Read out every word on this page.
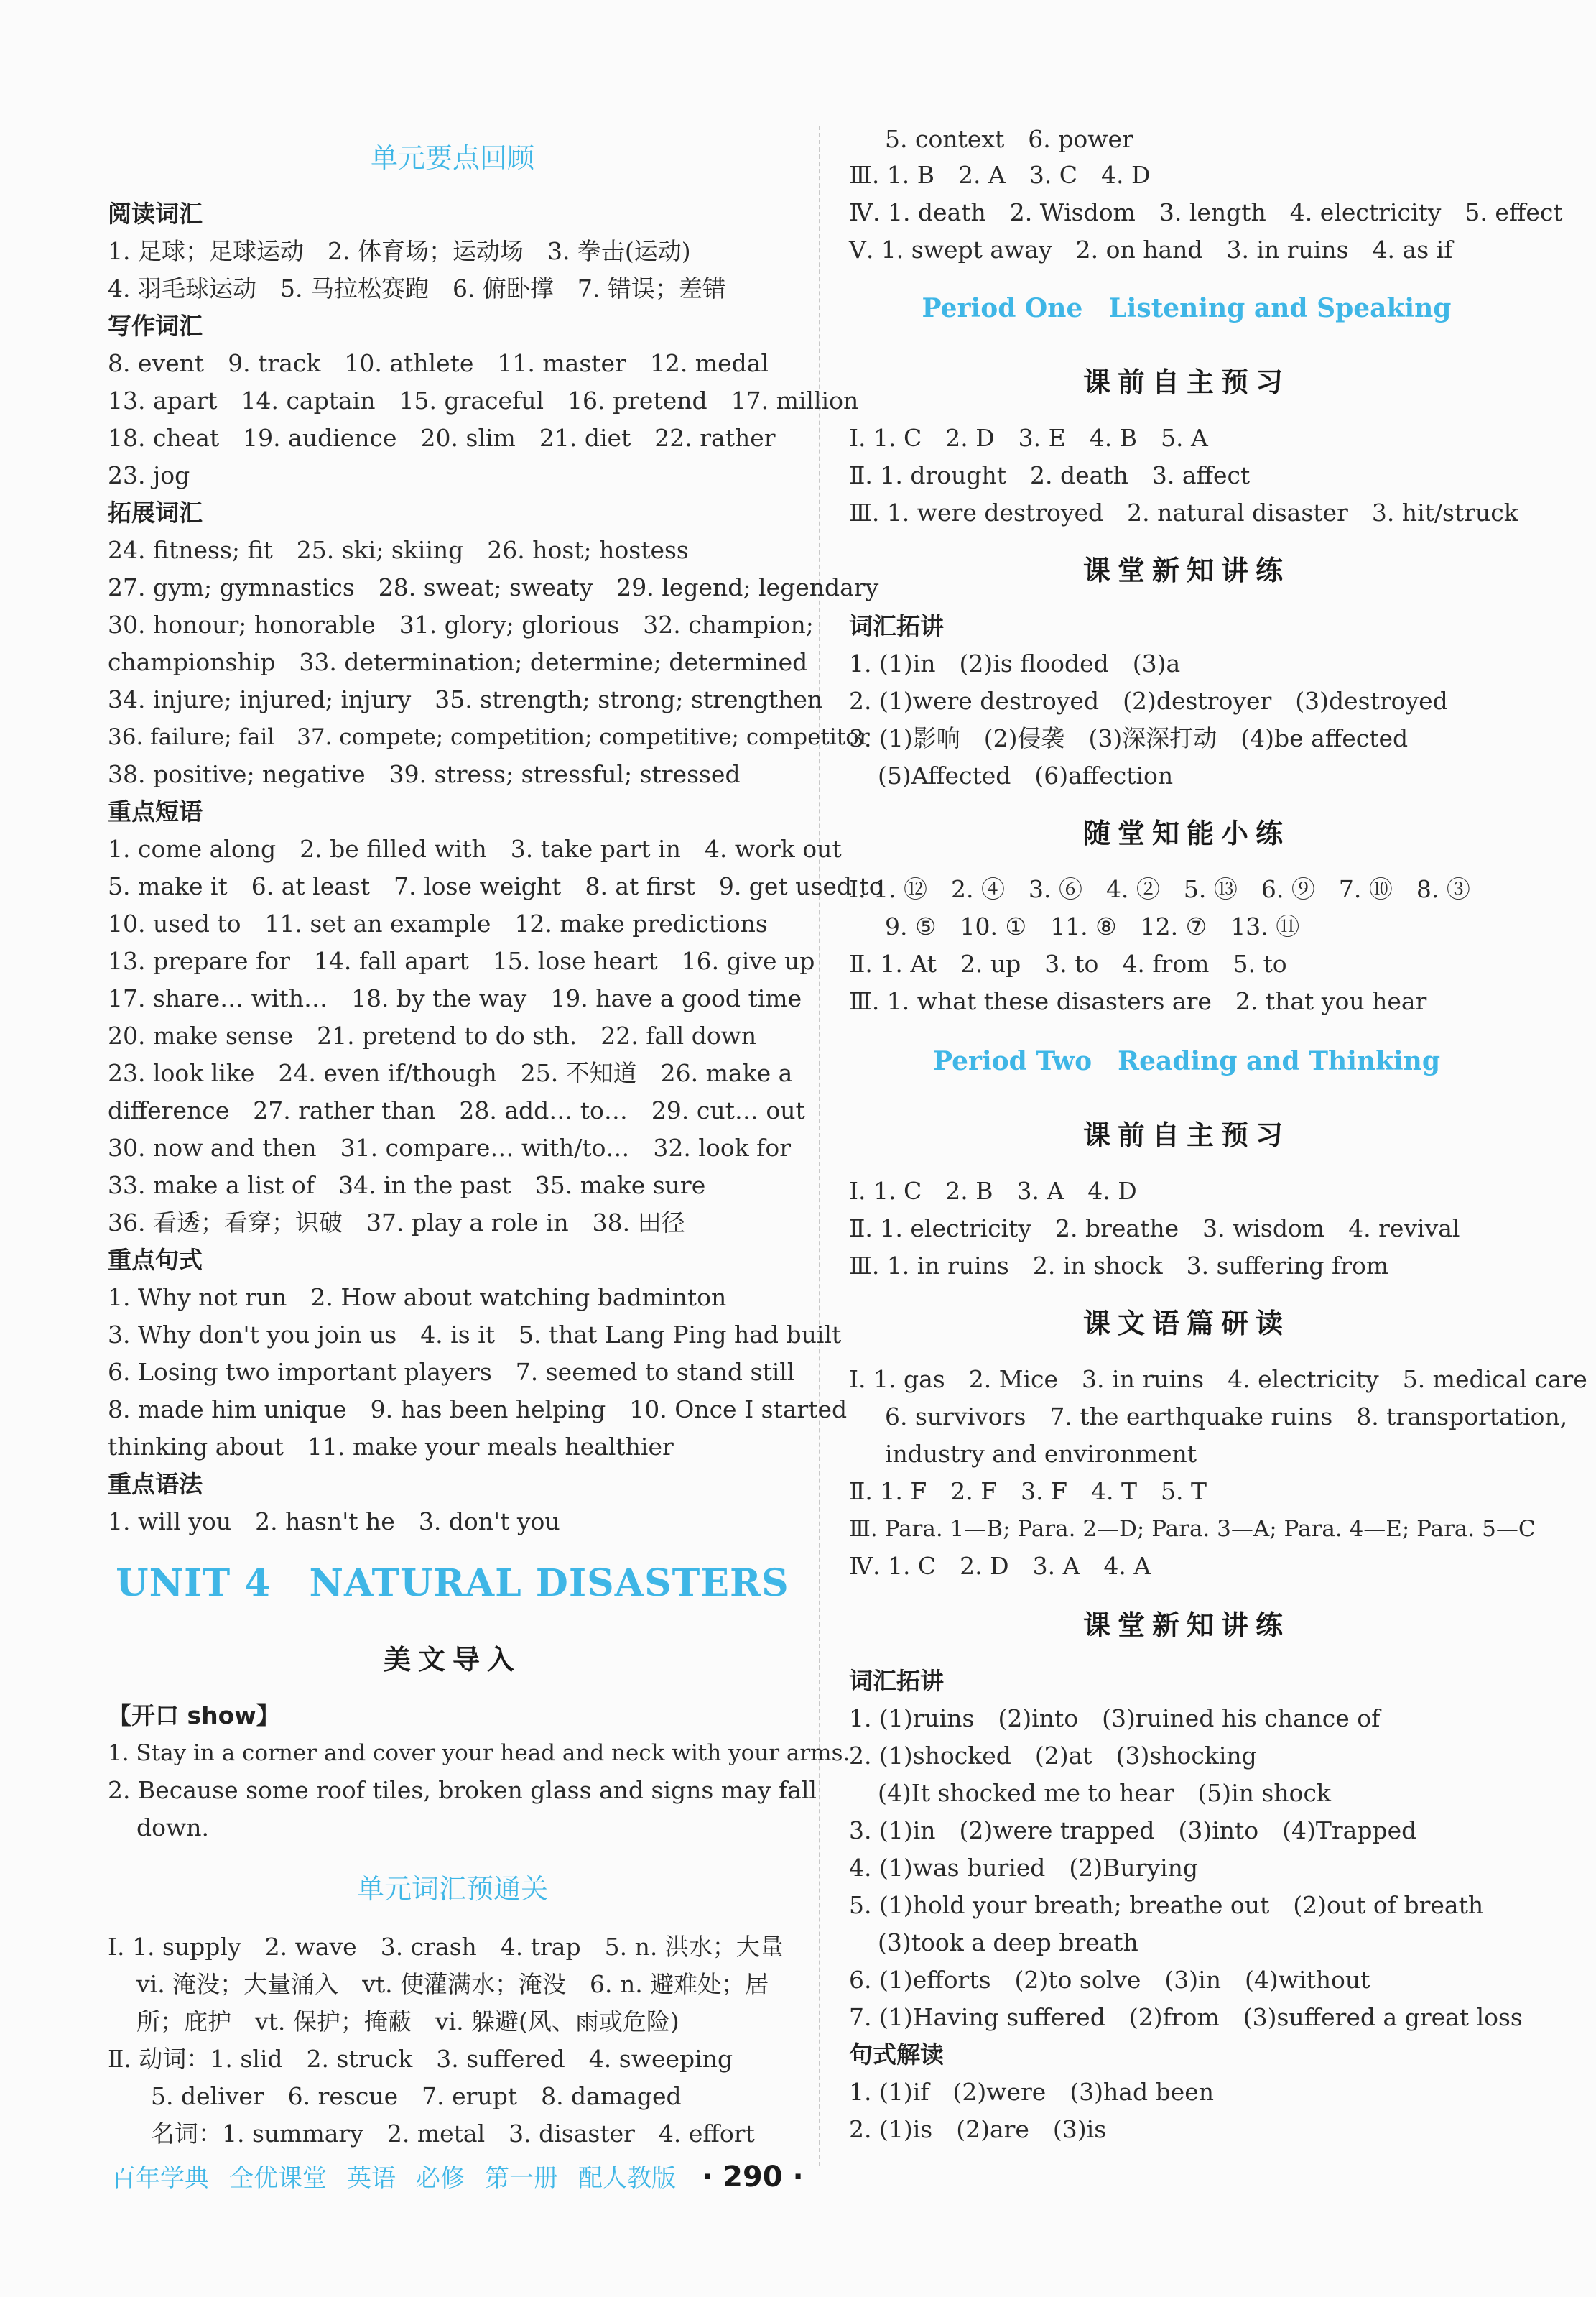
单元要点回顾
阅读词汇
1. 足球；足球运动　2. 体育场；运动场　3. 拳击(运动)
4. 羽毛球运动　5. 马拉松赛跑　6. 俯卧撑　7. 错误；差错
写作词汇
8. event　9. track　10. athlete　11. master　12. medal
13. apart　14. captain　15. graceful　16. pretend　17. million
18. cheat　19. audience　20. slim　21. diet　22. rather
23. jog
拓展词汇
24. fitness; fit　25. ski; skiing　26. host; hostess
27. gym; gymnastics　28. sweat; sweaty　29. legend; legendary
30. honour; honorable　31. glory; glorious　32. champion;
championship　33. determination; determine; determined
34. injure; injured; injury　35. strength; strong; strengthen
36. failure; fail　37. compete; competition; competitive; competitor
38. positive; negative　39. stress; stressful; stressed
重点短语
1. come along　2. be filled with　3. take part in　4. work out
5. make it　6. at least　7. lose weight　8. at first　9. get used to
10. used to　11. set an example　12. make predictions
13. prepare for　14. fall apart　15. lose heart　16. give up
17. share… with…　18. by the way　19. have a good time
20. make sense　21. pretend to do sth.　22. fall down
23. look like　24. even if/though　25. 不知道　26. make a
difference　27. rather than　28. add… to…　29. cut… out
30. now and then　31. compare… with/to…　32. look for
33. make a list of　34. in the past　35. make sure
36. 看透；看穿；识破　37. play a role in　38. 田径
重点句式
1. Why not run　2. How about watching badminton
3. Why don't you join us　4. is it　5. that Lang Ping had built
6. Losing two important players　7. seemed to stand still
8. made him unique　9. has been helping　10. Once I started
thinking about　11. make your meals healthier
重点语法
1. will you　2. hasn't he　3. don't you
UNIT 4　NATURAL DISASTERS
美文导入
【开口 show】
1. Stay in a corner and cover your head and neck with your arms.
2. Because some roof tiles, broken glass and signs may fall
down.
单元词汇预通关
Ⅰ. 1. supply　2. wave　3. crash　4. trap　5. n. 洪水；大量
vi. 淹没；大量涌入　vt. 使灌满水；淹没　6. n. 避难处；居
所；庇护　vt. 保护；掩蔽　vi. 躲避(风、雨或危险)
Ⅱ. 动词：1. slid　2. struck　3. suffered　4. sweeping
5. deliver　6. rescue　7. erupt　8. damaged
名词：1. summary　2. metal　3. disaster　4. effort
5. context　6. power
Ⅲ. 1. B　2. A　3. C　4. D
Ⅳ. 1. death　2. Wisdom　3. length　4. electricity　5. effect
Ⅴ. 1. swept away　2. on hand　3. in ruins　4. as if
Period One Listening and Speaking
课前自主预习
Ⅰ. 1. C　2. D　3. E　4. B　5. A
Ⅱ. 1. drought　2. death　3. affect
Ⅲ. 1. were destroyed　2. natural disaster　3. hit/struck
课堂新知讲练
词汇拓讲
1. (1)in　(2)is flooded　(3)a
2. (1)were destroyed　(2)destroyer　(3)destroyed
3. (1)影响　(2)侵袭　(3)深深打动　(4)be affected
(5)Affected　(6)affection
随堂知能小练
Ⅰ. 1. ⑫　2. ④　3. ⑥　4. ②　5. ⑬　6. ⑨　7. ⑩　8. ③
9. ⑤　10. ①　11. ⑧　12. ⑦　13. ⑪
Ⅱ. 1. At　2. up　3. to　4. from　5. to
Ⅲ. 1. what these disasters are　2. that you hear
Period Two Reading and Thinking
课前自主预习
Ⅰ. 1. C　2. B　3. A　4. D
Ⅱ. 1. electricity　2. breathe　3. wisdom　4. revival
Ⅲ. 1. in ruins　2. in shock　3. suffering from
课文语篇研读
Ⅰ. 1. gas　2. Mice　3. in ruins　4. electricity　5. medical care
6. survivors　7. the earthquake ruins　8. transportation,
industry and environment
Ⅱ. 1. F　2. F　3. F　4. T　5. T
Ⅲ. Para. 1—B; Para. 2—D; Para. 3—A; Para. 4—E; Para. 5—C
Ⅳ. 1. C　2. D　3. A　4. A
课堂新知讲练
词汇拓讲
1. (1)ruins　(2)into　(3)ruined his chance of
2. (1)shocked　(2)at　(3)shocking
(4)It shocked me to hear　(5)in shock
3. (1)in　(2)were trapped　(3)into　(4)Trapped
4. (1)was buried　(2)Burying
5. (1)hold your breath; breathe out　(2)out of breath
(3)took a deep breath
6. (1)efforts　(2)to solve　(3)in　(4)without
7. (1)Having suffered　(2)from　(3)suffered a great loss
句式解读
1. (1)if　(2)were　(3)had been
2. (1)is　(2)are　(3)is
百年学典 全优课堂 英语 必修 第一册 配人教版 · 290 ·
